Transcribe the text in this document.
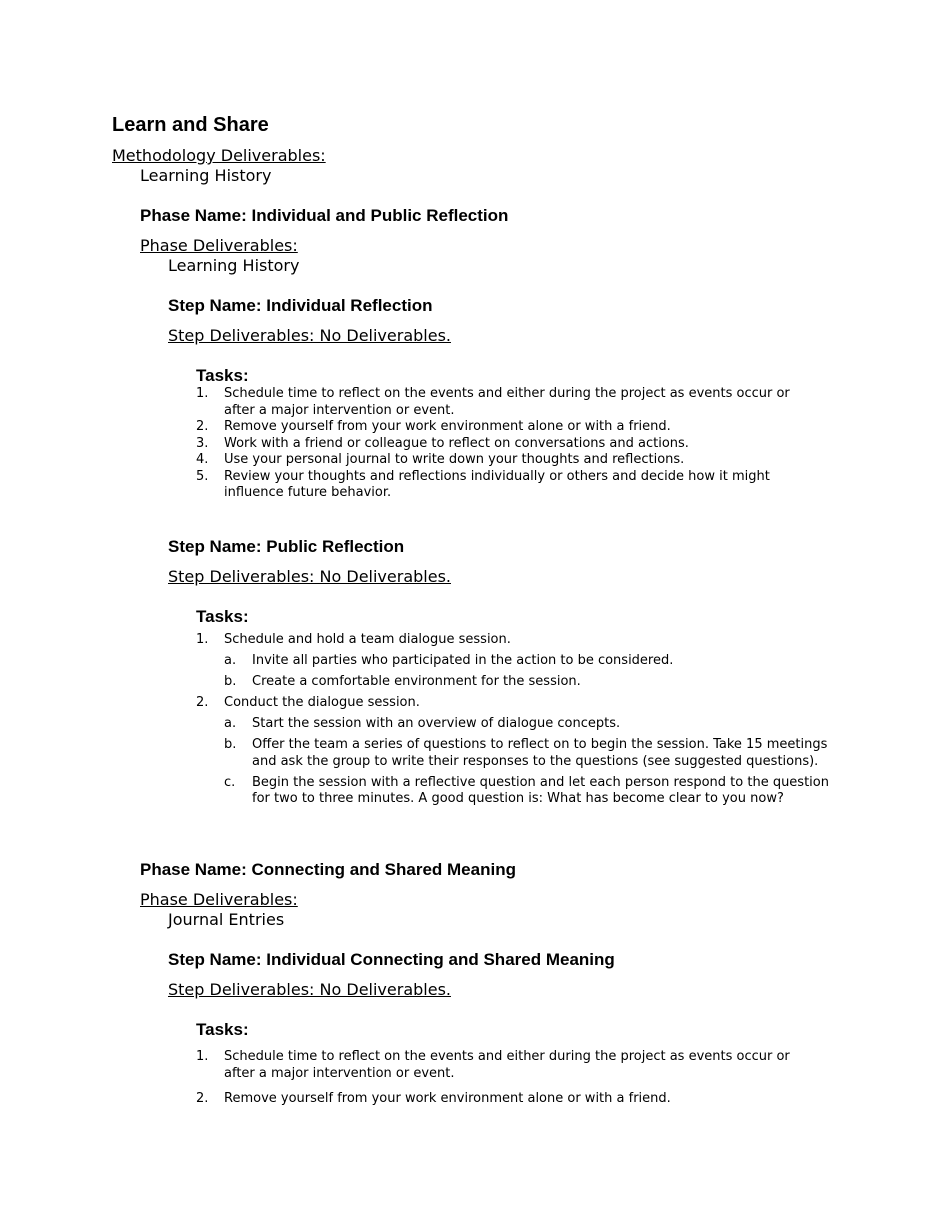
Learn and Share
Methodology Deliverables:
Learning History
Phase Name: Individual and Public Reflection
Phase Deliverables:
Learning History
Step Name: Individual Reflection
Step Deliverables: No Deliverables.
Tasks:
1. Schedule time to reflect on the events and either during the project as events occur or after a major intervention or event.
2. Remove yourself from your work environment alone or with a friend.
3. Work with a friend or colleague to reflect on conversations and actions.
4. Use your personal journal to write down your thoughts and reflections.
5. Review your thoughts and reflections individually or others and decide how it might influence future behavior.
Step Name: Public Reflection
Step Deliverables: No Deliverables.
Tasks:
1. Schedule and hold a team dialogue session.
a. Invite all parties who participated in the action to be considered.
b. Create a comfortable environment for the session.
2. Conduct the dialogue session.
a. Start the session with an overview of dialogue concepts.
b. Offer the team a series of questions to reflect on to begin the session. Take 15 meetings and ask the group to write their responses to the questions (see suggested questions).
c. Begin the session with a reflective question and let each person respond to the question for two to three minutes. A good question is: What has become clear to you now?
Phase Name: Connecting and Shared Meaning
Phase Deliverables:
Journal Entries
Step Name: Individual Connecting and Shared Meaning
Step Deliverables: No Deliverables.
Tasks:
1. Schedule time to reflect on the events and either during the project as events occur or after a major intervention or event.
2. Remove yourself from your work environment alone or with a friend.
